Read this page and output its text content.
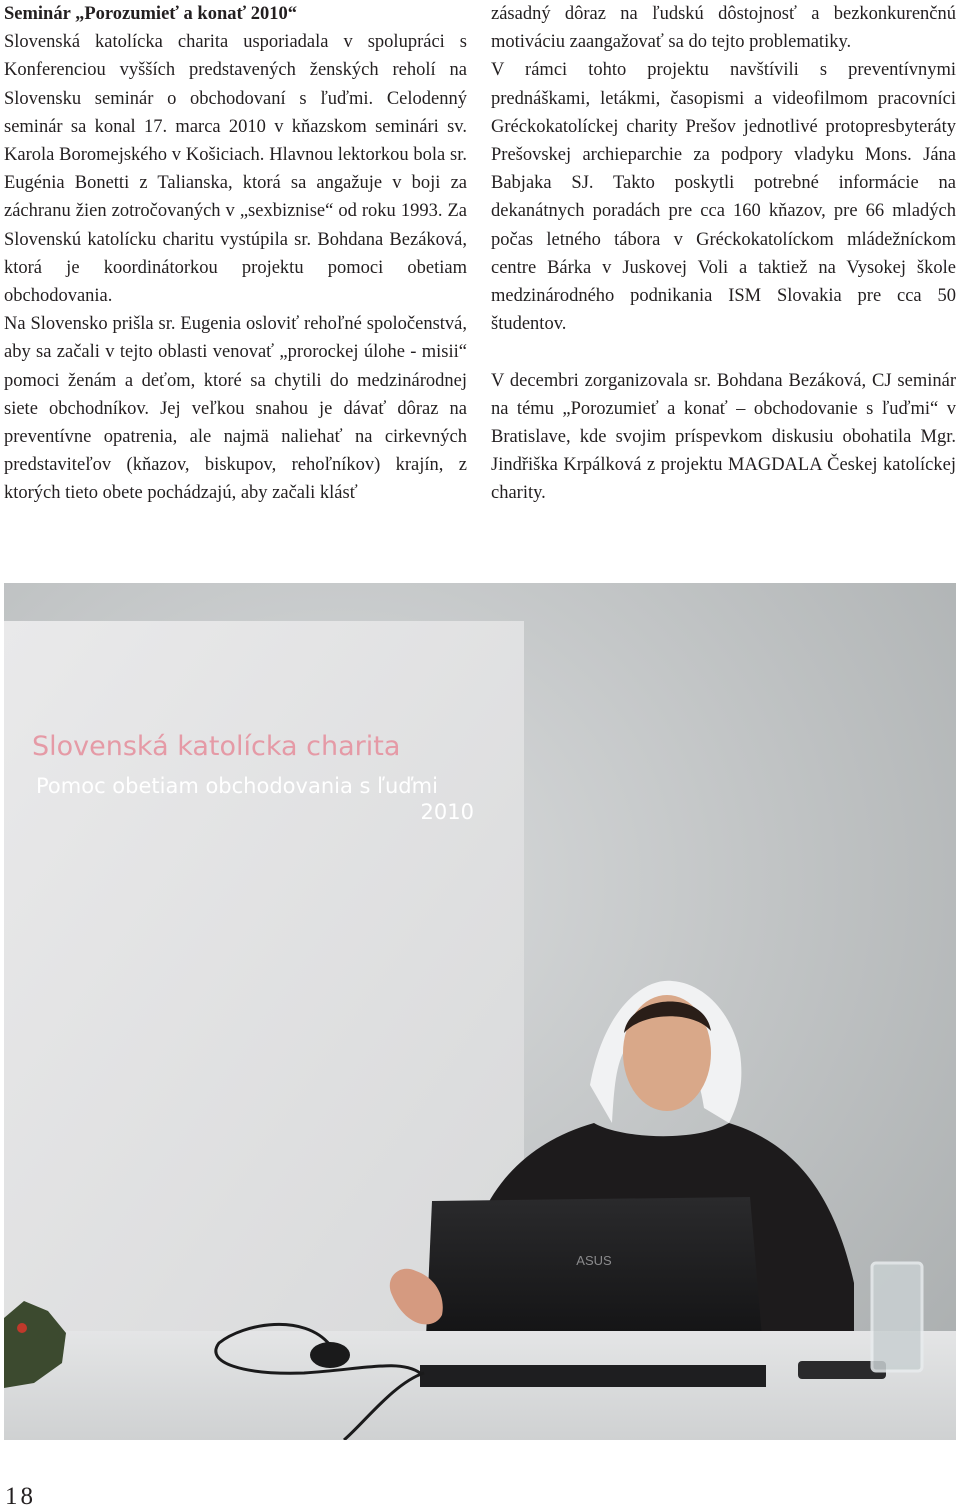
Seminár „Porozumieť a konať 2010“

Slovenská katolícka charita usporiadala v spolupráci s Konferenciou vyšších predstavených ženských reholí na Slovensku seminár o obchodovaní s ľuďmi. Celodenný seminár sa konal 17. marca 2010 v kňazskom seminári sv. Karola Boromejského v Košiciach. Hlavnou lektorkou bola sr. Eugénia Bonetti z Talianska, ktorá sa angažuje v boji za záchranu žien zotročovaných v „sexbiznise“ od roku 1993. Za Slovenskú katolícku charitu vystúpila sr. Bohdana Bezáková, ktorá je koordinátorkou projektu pomoci obetiam obchodovania.

Na Slovensko prišla sr. Eugenia osloviť rehoľné spoločenstvá, aby sa začali v tejto oblasti venovať „prorockej úlohe - misii“ pomoci ženám a deťom, ktoré sa chytili do medzinárodnej siete obchodníkov. Jej veľkou snahou je dávať dôraz na preventívne opatrenia, ale najmä naliehať na cirkevných predstaviteľov (kňazov, biskupov, rehoľníkov) krajín, z ktorých tieto obete pochádzajú, aby začali klásť

zásadný dôraz na ľudskú dôstojnosť a bezkonkurenčnú motiváciu zaangažovať sa do tejto problematiky.

V rámci tohto projektu navštívili s preventívnymi prednáškami, letákmi, časopismi a videofilmom pracovníci Gréckokatolíckej charity Prešov jednotlivé protopresbyteráty Prešovskej archieparchie za podpory vladyku Mons. Jána Babjaka SJ. Takto poskytli potrebné informácie na dekanátnych poradách pre cca 160 kňazov, pre 66 mladých počas letného tábora v Gréckokatolíckom mládežníckom centre Bárka v Juskovej Voli a taktiež na Vysokej škole medzinárodného podnikania ISM Slovakia pre cca 50 študentov.

V decembri zorganizovala sr. Bohdana Bezáková, CJ seminár na tému „Porozumieť a konať – obchodovanie s ľuďmi“ v Bratislave, kde svojim príspevkom diskusiu obohatila Mgr. Jindřiška Krpálková z projektu MAGDALA Českej katolíckej charity.

Slovenská katolícka charita
Pomoc obetiam obchodovania s ľuďmi
2010
ASUS
18
